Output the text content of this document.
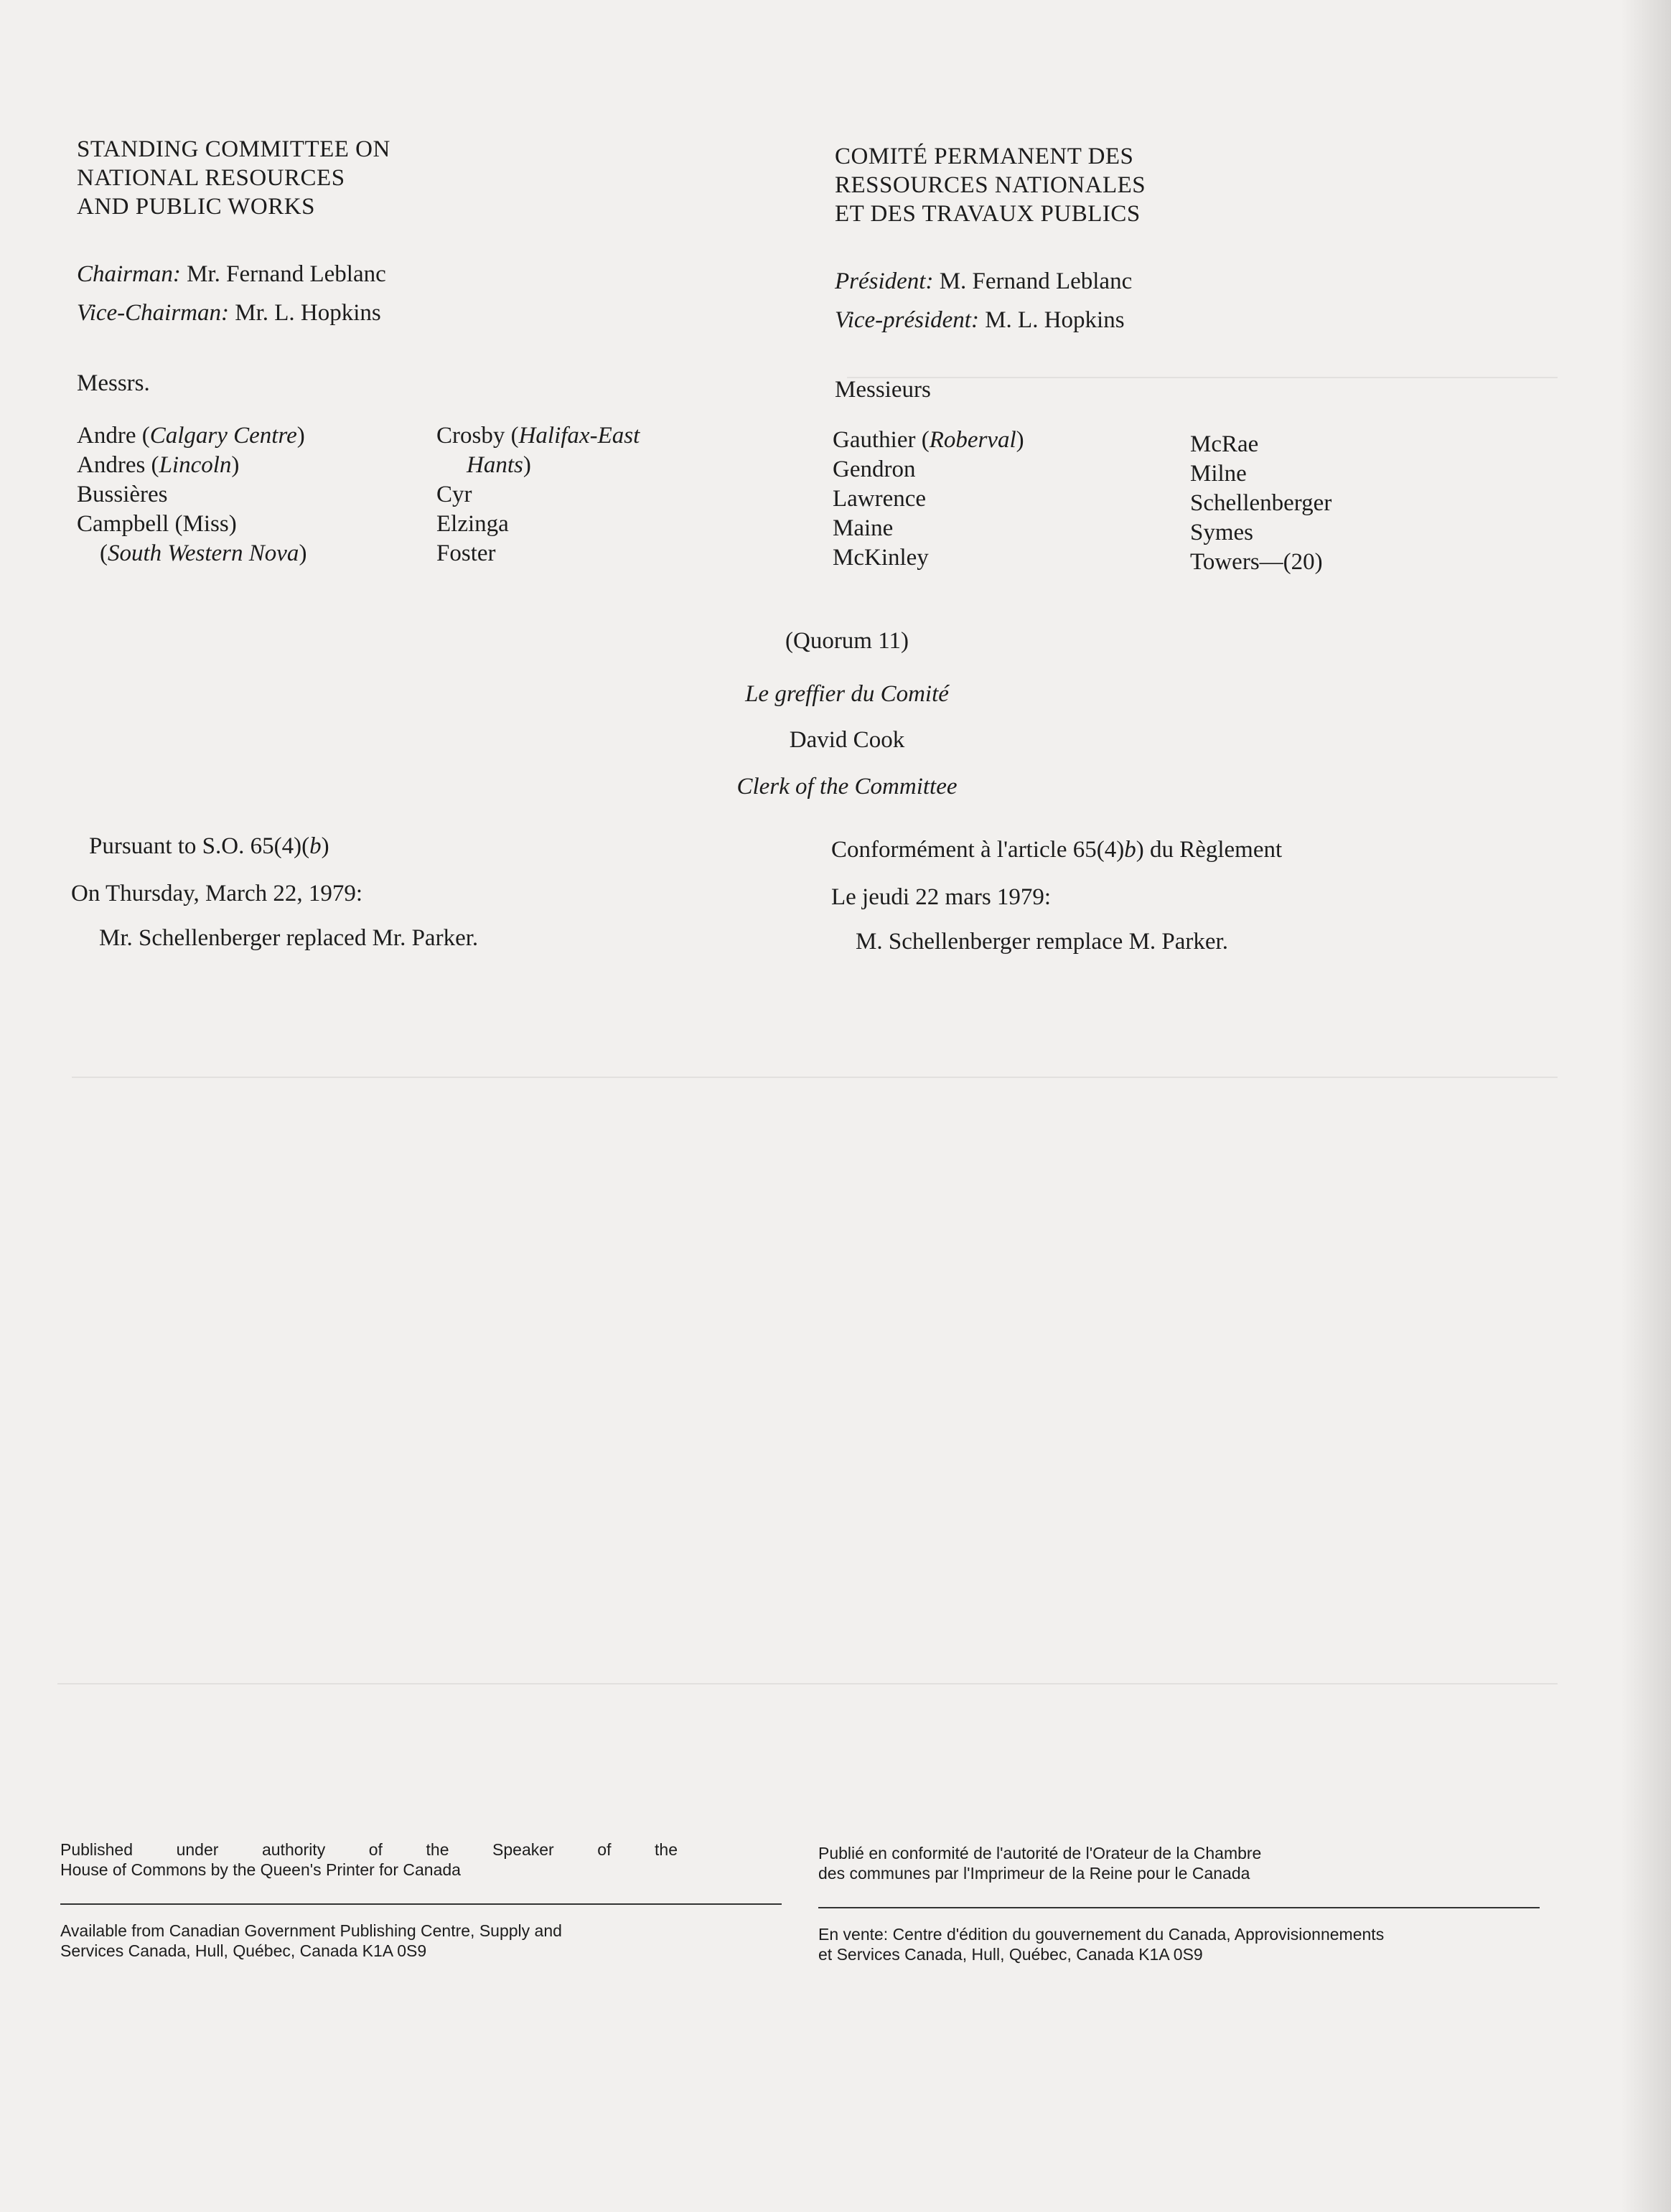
STANDING COMMITTEE ON
NATIONAL RESOURCES
AND PUBLIC WORKS
Chairman: Mr. Fernand Leblanc
Vice-Chairman: Mr. L. Hopkins
COMITÉ PERMANENT DES
RESSOURCES NATIONALES
ET DES TRAVAUX PUBLICS
Président: M. Fernand Leblanc
Vice-président: M. L. Hopkins
Messrs.	Messieurs
Andre (Calgary Centre)
Andres (Lincoln)
Bussières
Campbell (Miss)
(South Western Nova)
Crosby (Halifax-East
Hants)
Cyr
Elzinga
Foster
Gauthier (Roberval)
Gendron
Lawrence
Maine
McKinley
McRae
Milne
Schellenberger
Symes
Towers—(20)
(Quorum 11)
Le greffier du Comité
David Cook
Clerk of the Committee
Pursuant to S.O. 65(4)(b)
On Thursday, March 22, 1979:
Mr. Schellenberger replaced Mr. Parker.
Conformément à l'article 65(4)b) du Règlement
Le jeudi 22 mars 1979:
M. Schellenberger remplace M. Parker.
Published under authority of the Speaker of the
House of Commons by the Queen's Printer for Canada
Available from Canadian Government Publishing Centre, Supply and
Services Canada, Hull, Québec, Canada K1A 0S9
Publié en conformité de l'autorité de l'Orateur de la Chambre
des communes par l'Imprimeur de la Reine pour le Canada
En vente: Centre d'édition du gouvernement du Canada, Approvisionnements
et Services Canada, Hull, Québec, Canada K1A 0S9
